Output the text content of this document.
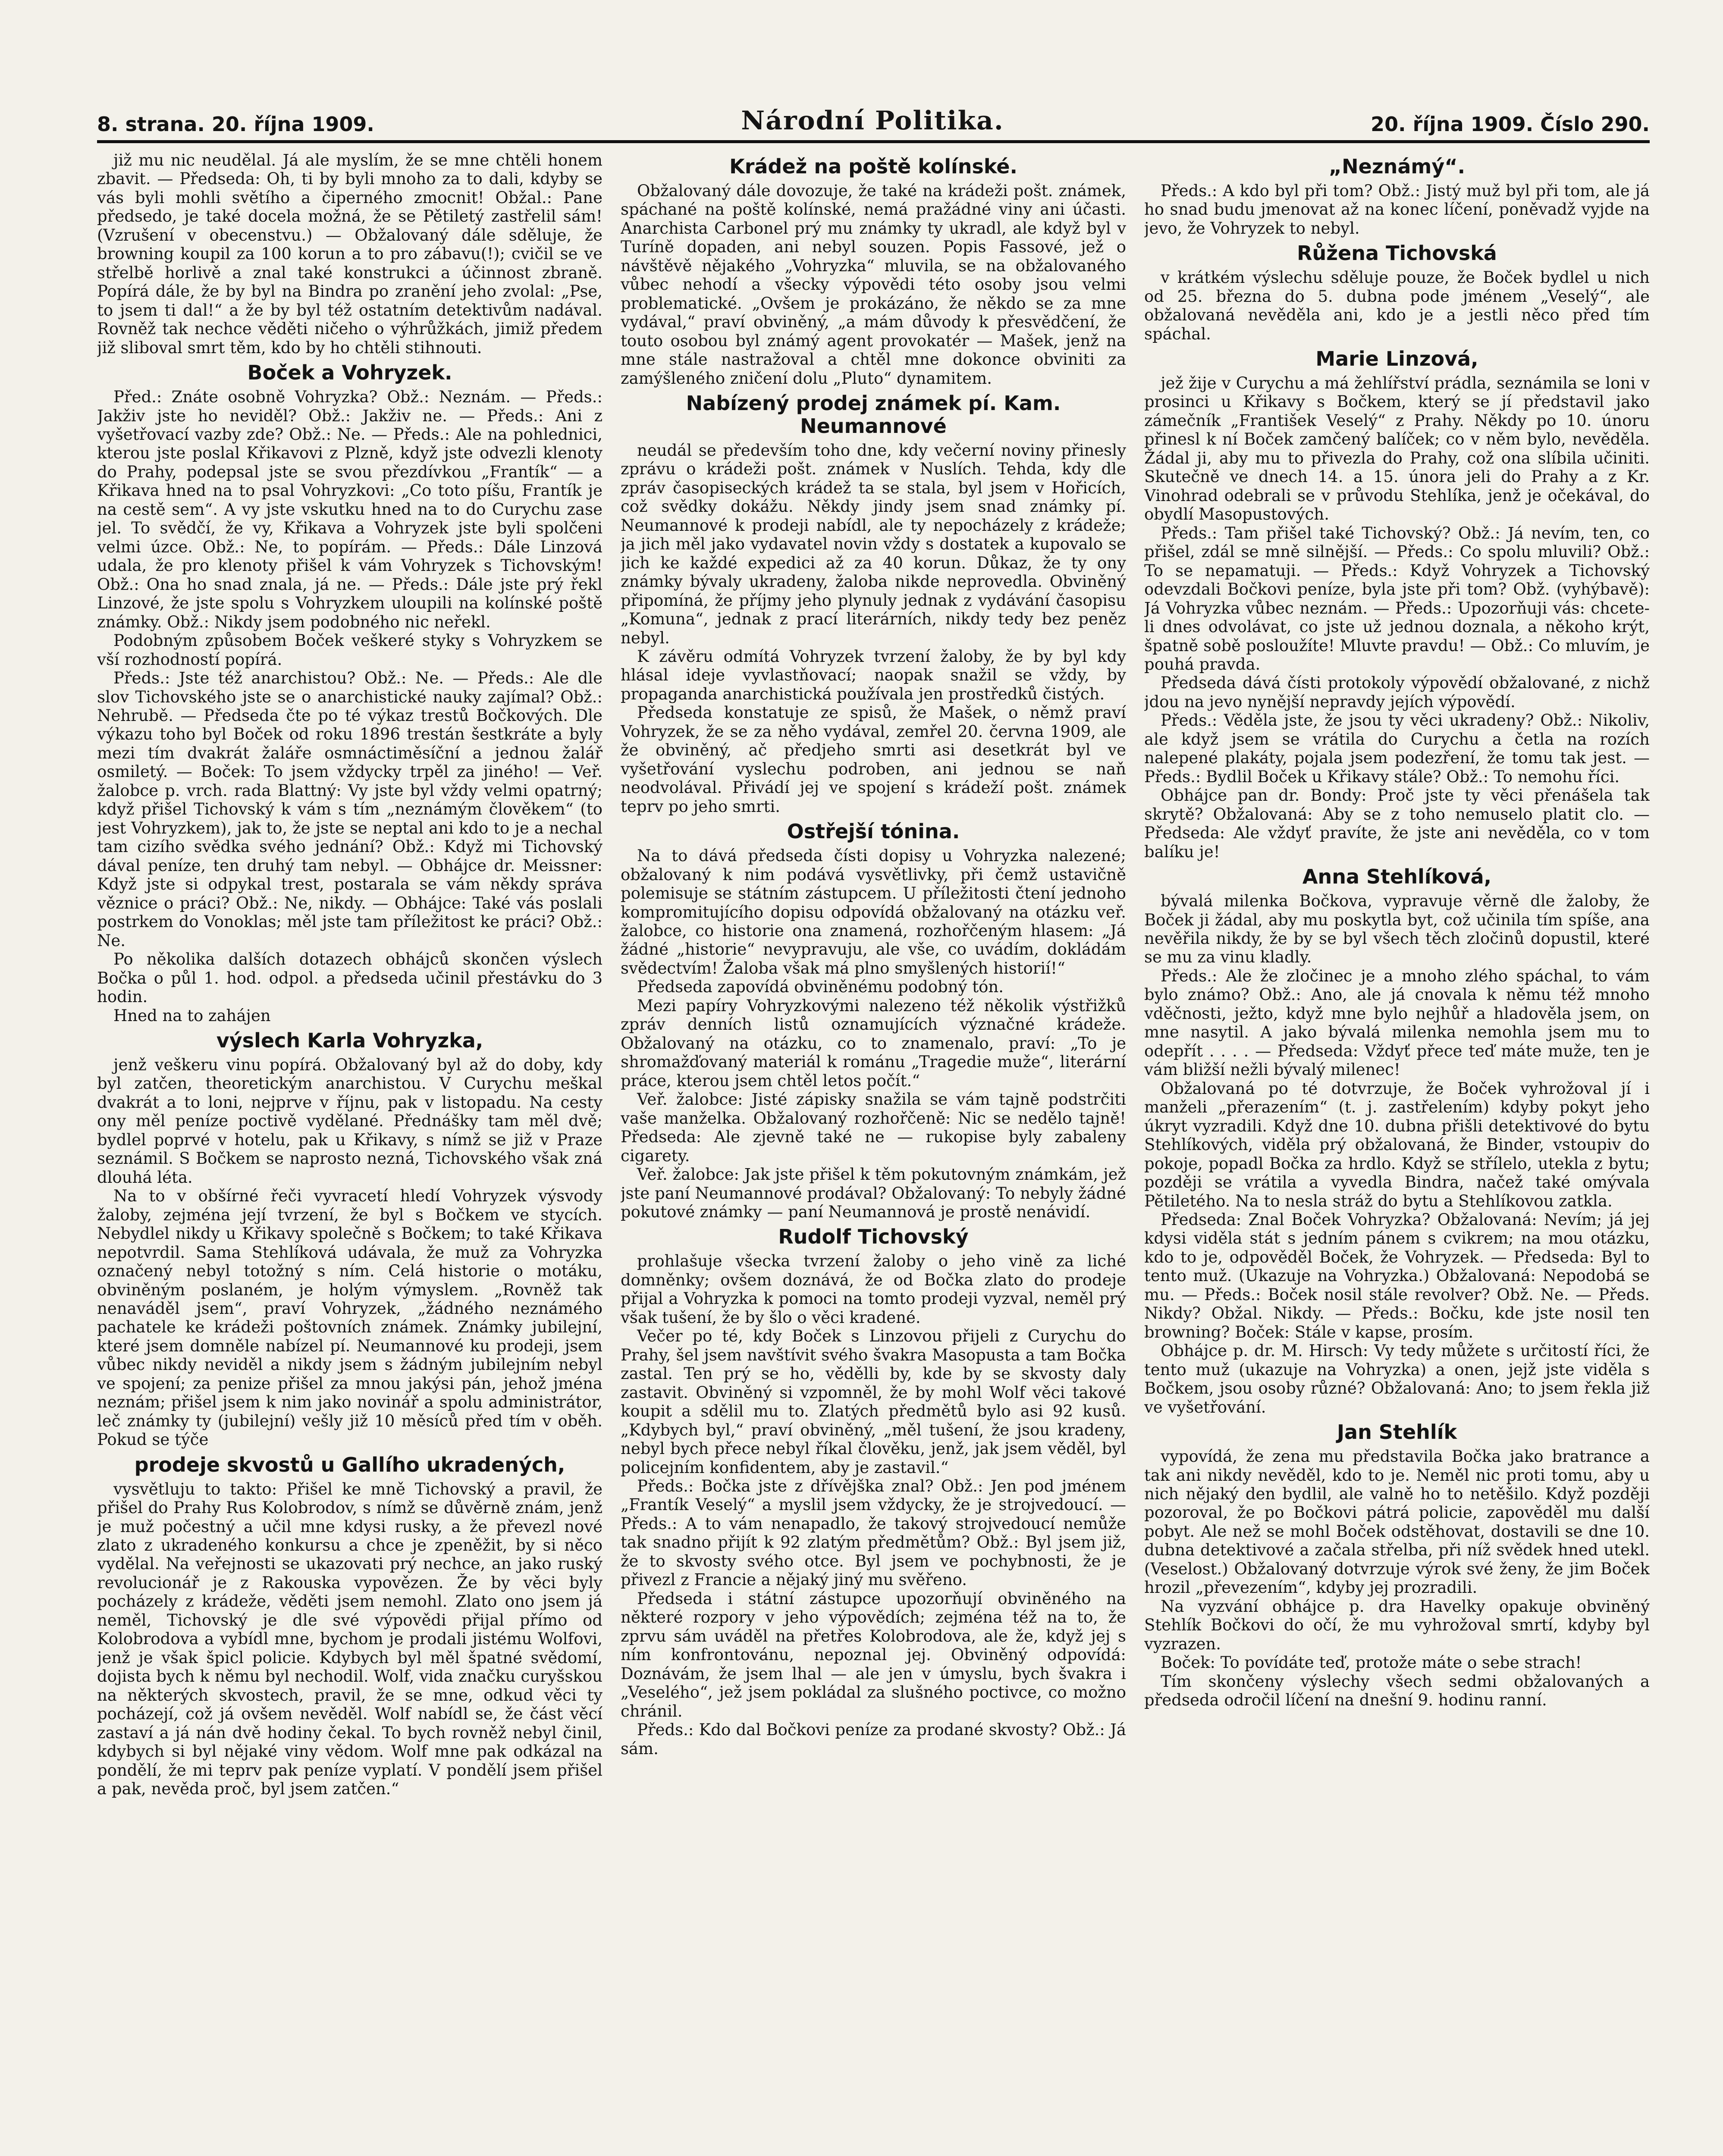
8. strana. 20. října 1909.	Národní Politika.	20. října 1909. Číslo 290.

již mu nic neudělal. Já ale myslím, že se mne chtěli honem zbavit. — Předseda: Oh, ti by byli mnoho za to dali, kdyby se vás byli mohli světího a čiperného zmocnit! Obžal.: Pane předsedo, je také docela možná, že se Pětiletý zastřelil sám! (Vzrušení v obecenstvu.) — Obžalovaný dále sděluje, že browning koupil za 100 korun a to pro zábavu(!); cvičil se ve střelbě horlivě a znal také konstrukci a účinnost zbraně. Popírá dále, že by byl na Bindra po zranění jeho zvolal: „Pse, to jsem ti dal!“ a že by byl též ostatním detektivům nadával. Rovněž tak nechce věděti ničeho o výhrůžkách, jimiž předem již sliboval smrt těm, kdo by ho chtěli stihnouti.

Boček a Vohryzek.

Před.: Znáte osobně Vohryzka? Obž.: Neznám. — Předs.: Jakživ jste ho neviděl? Obž.: Jakživ ne. — Předs.: Ani z vyšetřovací vazby zde? Obž.: Ne. — Předs.: Ale na pohlednici, kterou jste poslal Křikavovi z Plzně, když jste odvezli klenoty do Prahy, podepsal jste se svou přezdívkou „Frantík“ — a Křikava hned na to psal Vohryzkovi: „Co toto píšu, Frantík je na cestě sem“. A vy jste vskutku hned na to do Curychu zase jel. To svědčí, že vy, Křikava a Vohryzek jste byli spolčeni velmi úzce. Obž.: Ne, to popírám. — Předs.: Dále Linzová udala, že pro klenoty přišel k vám Vohryzek s Tichovským! Obž.: Ona ho snad znala, já ne. — Předs.: Dále jste prý řekl Linzové, že jste spolu s Vohryzkem uloupili na kolínské poště známky. Obž.: Nikdy jsem podobného nic neřekl.

Podobným způsobem Boček veškeré styky s Vohryzkem se vší rozhodností popírá.

Předs.: Jste též anarchistou? Obž.: Ne. — Předs.: Ale dle slov Tichovského jste se o anarchistické nauky zajímal? Obž.: Nehrubě. — Předseda čte po té výkaz trestů Bočkových. Dle výkazu toho byl Boček od roku 1896 trestán šestkráte a byly mezi tím dvakrát žaláře osmnáctiměsíční a jednou žalář osmiletý. — Boček: To jsem vždycky trpěl za jiného! — Veř. žalobce p. vrch. rada Blattný: Vy jste byl vždy velmi opatrný; když přišel Tichovský k vám s tím „neznámým člověkem“ (to jest Vohryzkem), jak to, že jste se neptal ani kdo to je a nechal tam cizího svědka svého jednání? Obž.: Když mi Tichovský dával peníze, ten druhý tam nebyl. — Obhájce dr. Meissner: Když jste si odpykal trest, postarala se vám někdy správa věznice o práci? Obž.: Ne, nikdy. — Obhájce: Také vás poslali postrkem do Vonoklas; měl jste tam příležitost ke práci? Obž.: Ne.

Po několika dalších dotazech obhájců skončen výslech Bočka o půl 1. hod. odpol. a předseda učinil přestávku do 3 hodin.

Hned na to zahájen

výslech Karla Vohryzka,

jenž veškeru vinu popírá. Obžalovaný byl až do doby, kdy byl zatčen, theoretickým anarchistou. V Curychu meškal dvakrát a to loni, nejprve v říjnu, pak v listopadu. Na cesty ony měl peníze poctivě vydělané. Přednášky tam měl dvě; bydlel poprvé v hotelu, pak u Křikavy, s nímž se již v Praze seznámil. S Bočkem se naprosto nezná, Tichovského však zná dlouhá léta.

Na to v obšírné řeči vyvracetí hledí Vohryzek výsvody žaloby, zejména její tvrzení, že byl s Bočkem ve stycích. Nebydlel nikdy u Křikavy společně s Bočkem; to také Křikava nepotvrdil. Sama Stehlíková udávala, že muž za Vohryzka označený nebyl totožný s ním. Celá historie o motáku, obviněným poslaném, je holým výmyslem. „Rovněž tak nenaváděl jsem“, praví Vohryzek, „žádného neznámého pachatele ke krádeži poštovních známek. Známky jubilejní, které jsem domněle nabízel pí. Neumannové ku prodeji, jsem vůbec nikdy neviděl a nikdy jsem s žádným jubilejním nebyl ve spojení; za penize přišel za mnou jakýsi pán, jehož jména neznám; přišel jsem k nim jako novinář a spolu administrátor, leč známky ty (jubilejní) vešly již 10 měsíců před tím v oběh. Pokud se týče

prodeje skvostů u Gallího ukradených,

vysvětluju to takto: Přišel ke mně Tichovský a pravil, že přišel do Prahy Rus Kolobrodov, s nímž se důvěrně znám, jenž je muž počestný a učil mne kdysi rusky, a že převezl nové zlato z ukradeného konkursu a chce je zpeněžit, by si něco vydělal. Na veřejnosti se ukazovati prý nechce, an jako ruský revolucionář je z Rakouska vypovězen. Že by věci byly pocházely z krádeže, věděti jsem nemohl. Zlato ono jsem já neměl, Tichovský je dle své výpovědi přijal přímo od Kolobrodova a vybídl mne, bychom je prodali jistému Wolfovi, jenž je však špicl policie. Kdybych byl měl špatné svědomí, dojista bych k němu byl nechodil. Wolf, vida značku curyšskou na některých skvostech, pravil, že se mne, odkud věci ty pocházejí, což já ovšem nevěděl. Wolf nabídl se, že část věcí zastaví a já nán dvě hodiny čekal. To bych rovněž nebyl činil, kdybych si byl nějaké viny vědom. Wolf mne pak odkázal na pondělí, že mi teprv pak peníze vyplatí. V pondělí jsem přišel a pak, nevěda proč, byl jsem zatčen.“

Krádež na poště kolínské.

Obžalovaný dále dovozuje, že také na krádeži pošt. známek, spáchané na poště kolínské, nemá pražádné viny ani účasti. Anarchista Carbonel prý mu známky ty ukradl, ale když byl v Turíně dopaden, ani nebyl souzen. Popis Fassové, jež o návštěvě nějakého „Vohryzka“ mluvila, se na obžalovaného vůbec nehodí a všecky výpovědi této osoby jsou velmi problematické. „Ovšem je prokázáno, že někdo se za mne vydával,“ praví obviněný, „a mám důvody k přesvědčení, že touto osobou byl známý agent provokatér — Mašek, jenž na mne stále nastražoval a chtěl mne dokonce obviniti za zamýšleného zničení dolu „Pluto“ dynamitem.

Nabízený prodej známek pí. Kam. Neumannové

neudál se především toho dne, kdy večerní noviny přinesly zprávu o krádeži pošt. známek v Nuslích. Tehda, kdy dle zpráv časopiseckých krádež ta se stala, byl jsem v Hořicích, což svědky dokážu. Někdy jindy jsem snad známky pí. Neumannové k prodeji nabídl, ale ty nepocházely z krádeže; ja jich měl jako vydavatel novin vždy s dostatek a kupovalo se jich ke každé expedici až za 40 korun. Důkaz, že ty ony známky bývaly ukradeny, žaloba nikde neprovedla. Obviněný připomíná, že příjmy jeho plynuly jednak z vydávání časopisu „Komuna“, jednak z prací literárních, nikdy tedy bez peněz nebyl.

K závěru odmítá Vohryzek tvrzení žaloby, že by byl kdy hlásal ideje vyvlastňovací; naopak snažil se vždy, by propaganda anarchistická používala jen prostředků čistých.

Předseda konstatuje ze spisů, že Mašek, o němž praví Vohryzek, že se za něho vydával, zemřel 20. června 1909, ale že obviněný, ač předjeho smrti asi desetkrát byl ve vyšetřování vyslechu podroben, ani jednou se naň neodvolával. Přivádí jej ve spojení s krádeží pošt. známek teprv po jeho smrti.

Ostřejší tónina.

Na to dává předseda čísti dopisy u Vohryzka nalezené; obžalovaný k nim podává vysvětlivky, při čemž ustavičně polemisuje se státním zástupcem. U příležitosti čtení jednoho kompromitujícího dopisu odpovídá obžalovaný na otázku veř. žalobce, co historie ona znamená, rozhořčeným hlasem: „Já žádné „historie“ nevypravuju, ale vše, co uvádím, dokládám svědectvím! Žaloba však má plno smyšlených historií!“

Předseda zapovídá obviněnému podobný tón.

Mezi papíry Vohryzkovými nalezeno též několik výstřižků zpráv denních listů oznamujících význačné krádeže. Obžalovaný na otázku, co to znamenalo, praví: „To je shromažďovaný materiál k románu „Tragedie muže“, literární práce, kterou jsem chtěl letos počít.“

Veř. žalobce: Jisté zápisky snažila se vám tajně podstrčiti vaše manželka. Obžalovaný rozhořčeně: Nic se nedělo tajně! Předseda: Ale zjevně také ne — rukopise byly zabaleny cigarety.

Veř. žalobce: Jak jste přišel k těm pokutovným známkám, jež jste paní Neumannové prodával? Obžalovaný: To nebyly žádné pokutové známky — paní Neumannová je prostě nenávidí.

Rudolf Tichovský

prohlašuje všecka tvrzení žaloby o jeho vině za liché domněnky; ovšem doznává, že od Bočka zlato do prodeje přijal a Vohryzka k pomoci na tomto prodeji vyzval, neměl prý však tušení, že by šlo o věci kradené.

Večer po té, kdy Boček s Linzovou přijeli z Curychu do Prahy, šel jsem navštívit svého švakra Masopusta a tam Bočka zastal. Ten prý se ho, vědělli by, kde by se skvosty daly zastavit. Obviněný si vzpomněl, že by mohl Wolf věci takové koupit a sdělil mu to. Zlatých předmětů bylo asi 92 kusů. „Kdybych byl,“ praví obviněný, „měl tušení, že jsou kradeny, nebyl bych přece nebyl říkal člověku, jenž, jak jsem věděl, byl policejním konfidentem, aby je zastavil.“

Předs.: Bočka jste z dřívějška znal? Obž.: Jen pod jménem „Frantík Veselý“ a myslil jsem vždycky, že je strojvedoucí. — Předs.: A to vám nenapadlo, že takový strojvedoucí nemůže tak snadno přijít k 92 zlatým předmětům? Obž.: Byl jsem již, že to skvosty svého otce. Byl jsem ve pochybnosti, že je přivezl z Francie a nějaký jiný mu svěřeno.

Předseda i státní zástupce upozorňují obviněného na některé rozpory v jeho výpovědích; zejména též na to, že zprvu sám uváděl na přetřes Kolobrodova, ale že, když jej s ním konfrontovánu, nepoznal jej. Obviněný odpovídá: Doznávám, že jsem lhal — ale jen v úmyslu, bych švakra i „Veselého“, jež jsem pokládal za slušného poctivce, co možno chránil.

Předs.: Kdo dal Bočkovi peníze za prodané skvosty? Obž.: Já sám.

„Neznámý“.

Předs.: A kdo byl při tom? Obž.: Jistý muž byl při tom, ale já ho snad budu jmenovat až na konec líčení, poněvadž vyjde na jevo, že Vohryzek to nebyl.

Růžena Tichovská

v krátkém výslechu sděluje pouze, že Boček bydlel u nich od 25. března do 5. dubna pode jménem „Veselý“, ale obžalovaná nevěděla ani, kdo je a jestli něco před tím spáchal.

Marie Linzová,

jež žije v Curychu a má žehlířství prádla, seznámila se loni v prosinci u Křikavy s Bočkem, který se jí představil jako zámečník „František Veselý“ z Prahy. Někdy po 10. únoru přinesl k ní Boček zamčený balíček; co v něm bylo, nevěděla. Žádal ji, aby mu to přivezla do Prahy, což ona slíbila učiniti. Skutečně ve dnech 14. a 15. února jeli do Prahy a z Kr. Vinohrad odebrali se v průvodu Stehlíka, jenž je očekával, do obydlí Masopustových.

Předs.: Tam přišel také Tichovský? Obž.: Já nevím, ten, co přišel, zdál se mně silnější. — Předs.: Co spolu mluvili? Obž.: To se nepamatuji. — Předs.: Když Vohryzek a Tichovský odevzdali Bočkovi peníze, byla jste při tom? Obž. (vyhýbavě): Já Vohryzka vůbec neznám. — Předs.: Upozorňuji vás: chcete-li dnes odvolávat, co jste už jednou doznala, a někoho krýt, špatně sobě posloužíte! Mluvte pravdu! — Obž.: Co mluvím, je pouhá pravda.

Předseda dává čísti protokoly výpovědí obžalované, z nichž jdou na jevo nynější nepravdy jejích výpovědí.

Předs.: Věděla jste, že jsou ty věci ukradeny? Obž.: Nikoliv, ale když jsem se vrátila do Curychu a četla na rozích nalepené plakáty, pojala jsem podezření, že tomu tak jest. — Předs.: Bydlil Boček u Křikavy stále? Obž.: To nemohu říci.

Obhájce pan dr. Bondy: Proč jste ty věci přenášela tak skrytě? Obžalovaná: Aby se z toho nemuselo platit clo. — Předseda: Ale vždyť pravíte, že jste ani nevěděla, co v tom balíku je!

Anna Stehlíková,

bývalá milenka Bočkova, vypravuje věrně dle žaloby, že Boček ji žádal, aby mu poskytla byt, což učinila tím spíše, ana nevěřila nikdy, že by se byl všech těch zločinů dopustil, které se mu za vinu kladly.

Předs.: Ale že zločinec je a mnoho zlého spáchal, to vám bylo známo? Obž.: Ano, ale já cnovala k němu též mnoho vděčnosti, ježto, když mne bylo nejhůř a hladověla jsem, on mne nasytil. A jako bývalá milenka nemohla jsem mu to odepřít . . . . — Předseda: Vždyť přece teď máte muže, ten je vám bližší nežli bývalý milenec!

Obžalovaná po té dotvrzuje, že Boček vyhrožoval jí i manželi „přerazením“ (t. j. zastřelením) kdyby pokyt jeho úkryt vyzradili. Když dne 10. dubna přišli detektivové do bytu Stehlíkových, viděla prý obžalovaná, že Binder, vstoupiv do pokoje, popadl Bočka za hrdlo. Když se střílelo, utekla z bytu; později se vrátila a vyvedla Bindra, načež také omývala Pětiletého. Na to nesla stráž do bytu a Stehlíkovou zatkla.

Předseda: Znal Boček Vohryzka? Obžalovaná: Nevím; já jej kdysi viděla stát s jedním pánem s cvikrem; na mou otázku, kdo to je, odpověděl Boček, že Vohryzek. — Předseda: Byl to tento muž. (Ukazuje na Vohryzka.) Obžalovaná: Nepodobá se mu. — Předs.: Boček nosil stále revolver? Obž. Ne. — Předs. Nikdy? Obžal. Nikdy. — Předs.: Bočku, kde jste nosil ten browning? Boček: Stále v kapse, prosím.

Obhájce p. dr. M. Hirsch: Vy tedy můžete s určitostí říci, že tento muž (ukazuje na Vohryzka) a onen, jejž jste viděla s Bočkem, jsou osoby různé? Obžalovaná: Ano; to jsem řekla již ve vyšetřování.

Jan Stehlík

vypovídá, že zena mu představila Bočka jako bratrance a tak ani nikdy nevěděl, kdo to je. Neměl nic proti tomu, aby u nich nějaký den bydlil, ale valně ho to netěšilo. Když později pozoroval, že po Bočkovi pátrá policie, zapověděl mu další pobyt. Ale než se mohl Boček odstěhovat, dostavili se dne 10. dubna detektivové a začala střelba, při níž svědek hned utekl. (Veselost.) Obžalovaný dotvrzuje výrok své ženy, že jim Boček hrozil „převezením“, kdyby jej prozradili.

Na vyzvání obhájce p. dra Havelky opakuje obviněný Stehlík Bočkovi do očí, že mu vyhrožoval smrtí, kdyby byl vyzrazen.

Boček: To povídáte teď, protože máte o sebe strach!

Tím skončeny výslechy všech sedmi obžalovaných a předseda odročil líčení na dnešní 9. hodinu ranní.
